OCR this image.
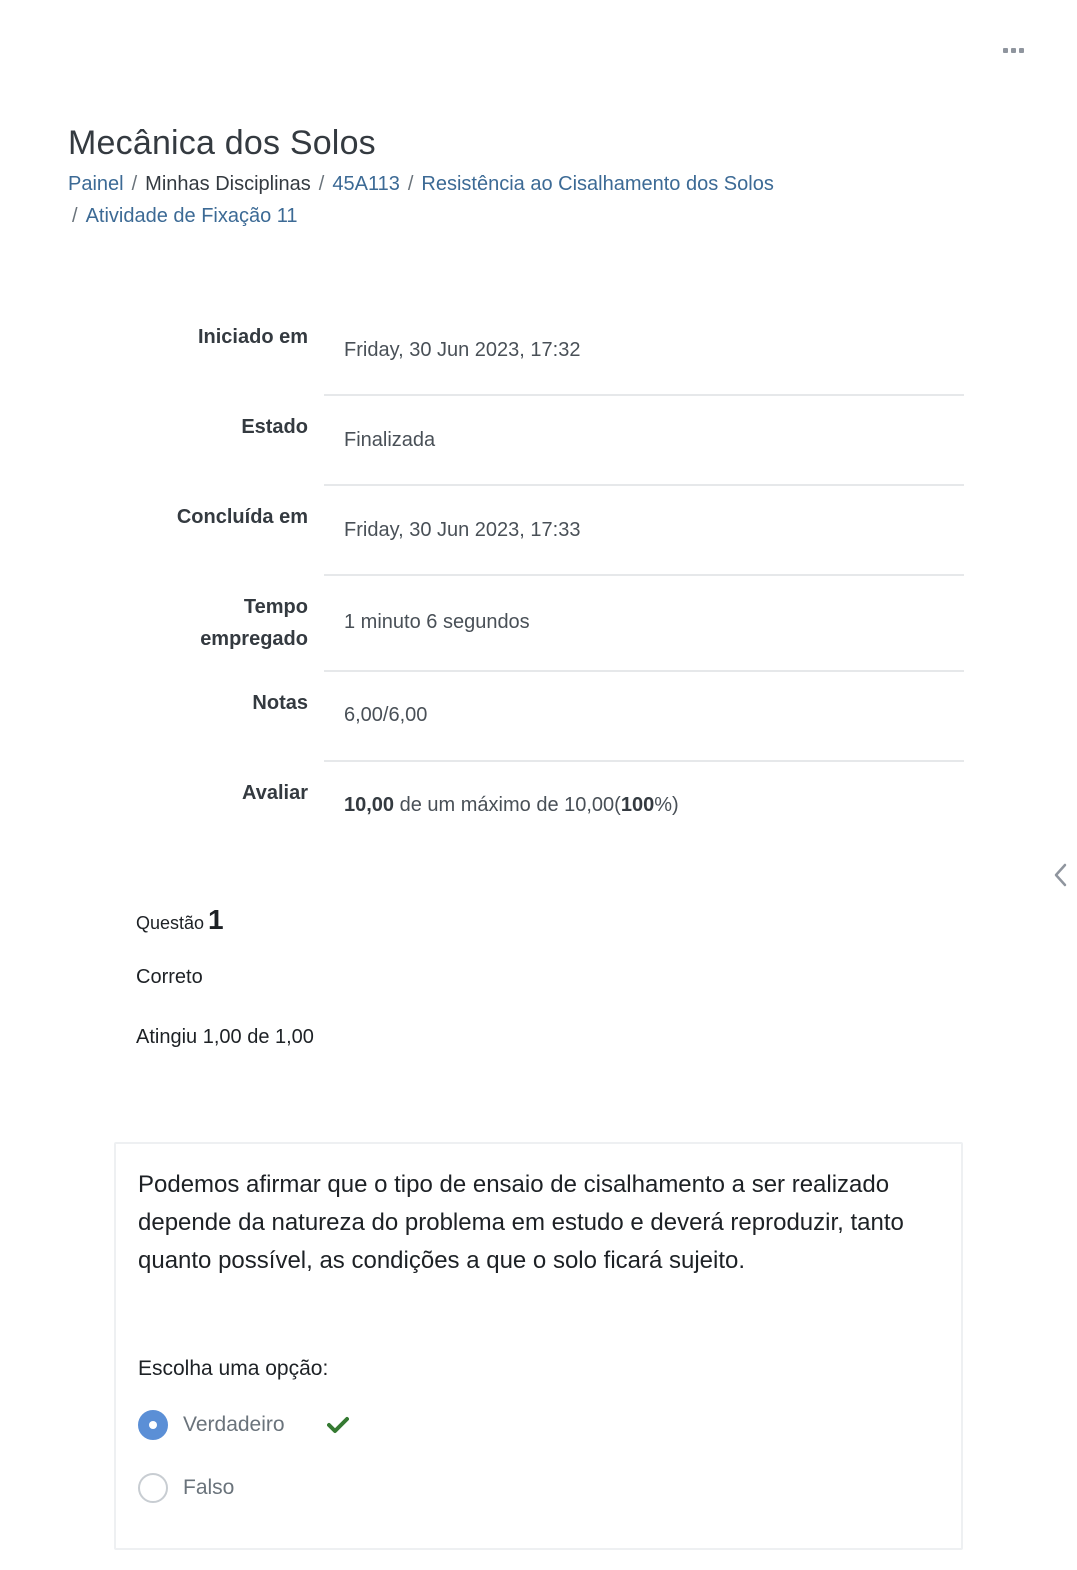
Mecânica dos Solos
Painel / Minhas Disciplinas / 45A113 / Resistência ao Cisalhamento dos Solos
/ Atividade de Fixação 11
Iniciado em
Friday, 30 Jun 2023, 17:32
Estado
Finalizada
Concluída em
Friday, 30 Jun 2023, 17:33
Tempo
empregado
1 minuto 6 segundos
Notas
6,00/6,00
Avaliar
10,00 de um máximo de 10,00(100%)
Questão 1
Correto
Atingiu 1,00 de 1,00
Podemos afirmar que o tipo de ensaio de cisalhamento a ser realizado depende da natureza do problema em estudo e deverá reproduzir, tanto quanto possível, as condições a que o solo ficará sujeito.
Escolha uma opção:
Verdadeiro
Falso
